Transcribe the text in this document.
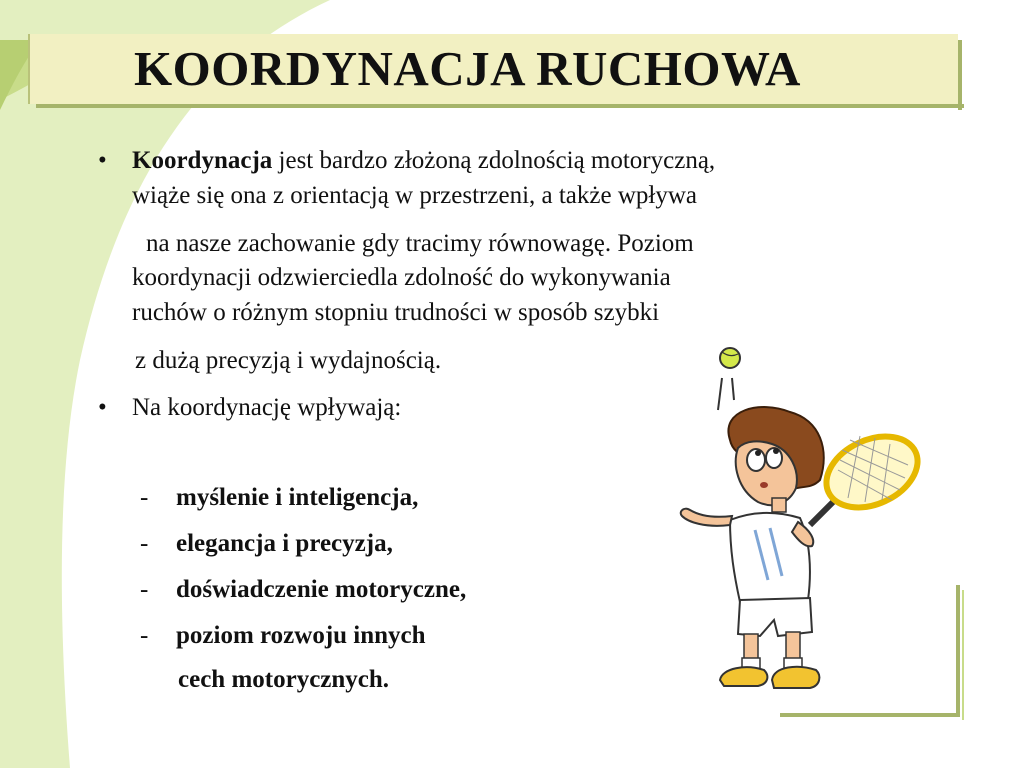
KOORDYNACJA RUCHOWA
• Koordynacja jest bardzo złożoną zdolnością motoryczną,
wiąże się ona z orientacją w przestrzeni, a także wpływa
na nasze zachowanie gdy tracimy równowagę. Poziom
koordynacji odzwierciedla zdolność do wykonywania
ruchów o różnym stopniu trudności w sposób szybki
z dużą precyzją i wydajnością.
• Na koordynację wpływają:
- myślenie i inteligencja,
- elegancja i precyzja,
- doświadczenie motoryczne,
- poziom rozwoju innych
cech motorycznych.
